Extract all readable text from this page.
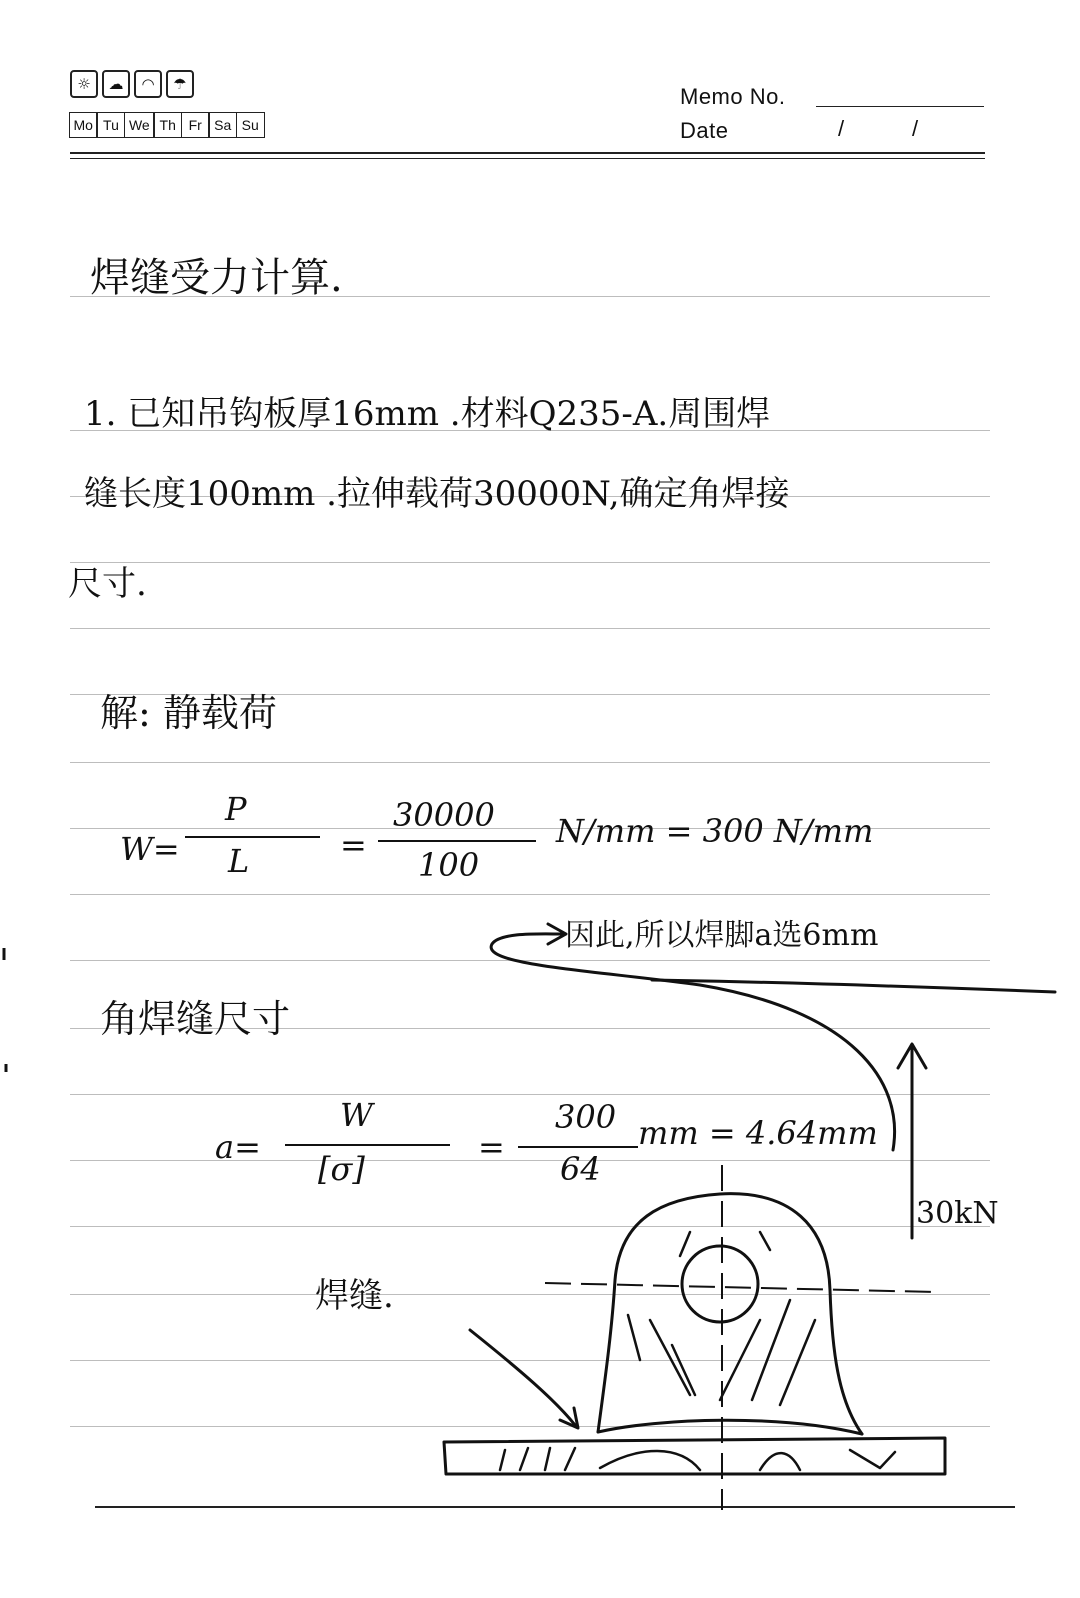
☼	☁	◠	☂
Mo Tu We Th Fr Sa Su
Memo No.
Date	/	/
焊缝受力计算.
1. 已知吊钩板厚16mm .材料Q235-A.周围焊
缝长度100mm .拉伸载荷30000N,确定角焊接
尺寸.
解: 静载荷
W=
P
L	=
30000
100
N/mm = 300 N/mm
因此,所以焊脚a选6mm
角焊缝尺寸
a=
W
[σ]
=
300
64
mm = 4.64mm
焊缝.
30kN
